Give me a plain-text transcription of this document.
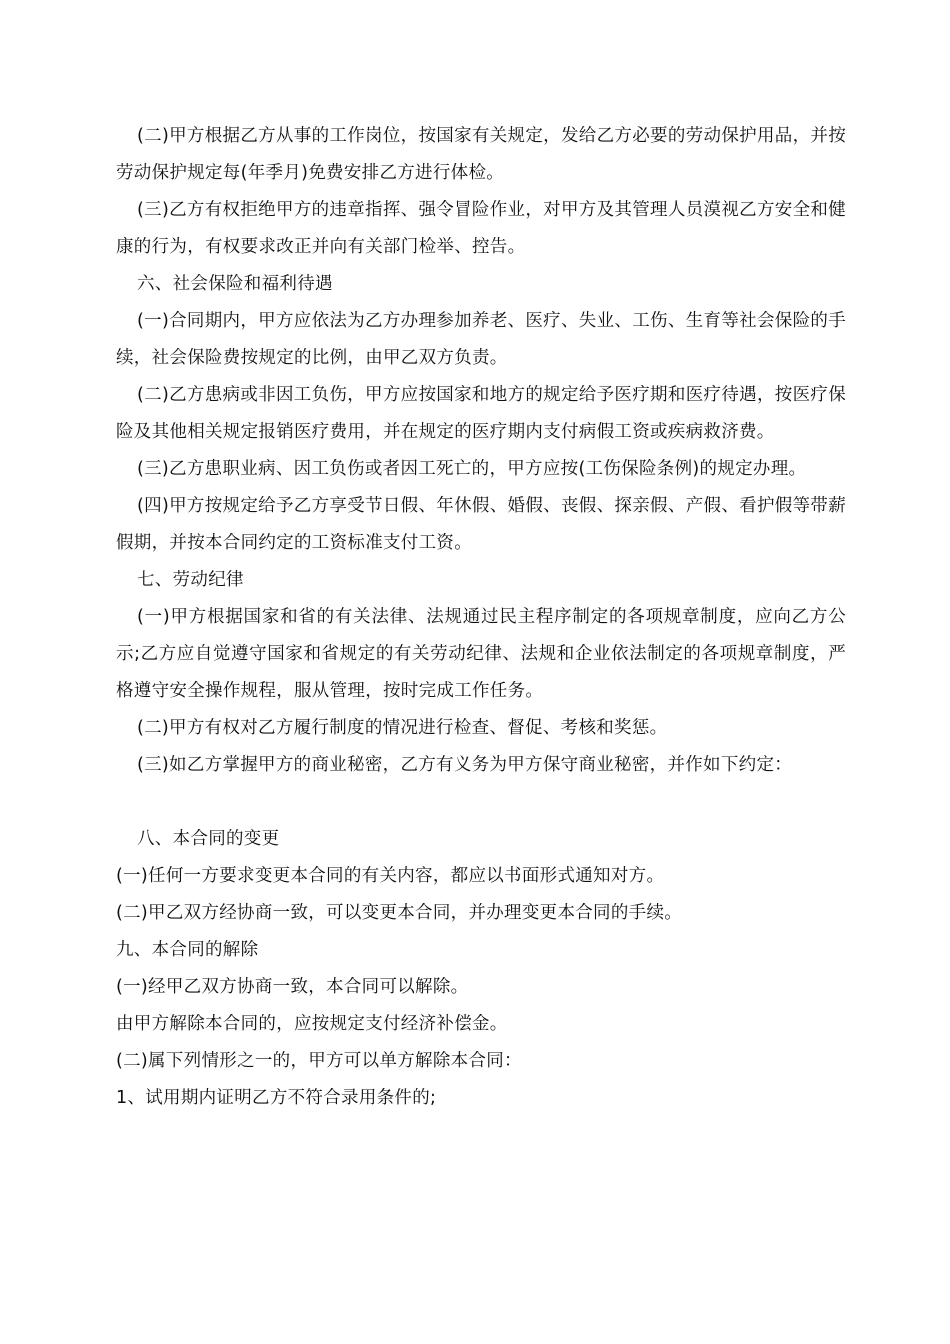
(二)甲方根据乙方从事的工作岗位，按国家有关规定，发给乙方必要的劳动保护用品，并按劳动保护规定每(年季月)免费安排乙方进行体检。

(三)乙方有权拒绝甲方的违章指挥、强令冒险作业，对甲方及其管理人员漠视乙方安全和健康的行为，有权要求改正并向有关部门检举、控告。

六、社会保险和福利待遇

(一)合同期内，甲方应依法为乙方办理参加养老、医疗、失业、工伤、生育等社会保险的手续，社会保险费按规定的比例，由甲乙双方负责。

(二)乙方患病或非因工负伤，甲方应按国家和地方的规定给予医疗期和医疗待遇，按医疗保险及其他相关规定报销医疗费用，并在规定的医疗期内支付病假工资或疾病救济费。

(三)乙方患职业病、因工负伤或者因工死亡的，甲方应按(工伤保险条例)的规定办理。

(四)甲方按规定给予乙方享受节日假、年休假、婚假、丧假、探亲假、产假、看护假等带薪假期，并按本合同约定的工资标准支付工资。

七、劳动纪律

(一)甲方根据国家和省的有关法律、法规通过民主程序制定的各项规章制度，应向乙方公示;乙方应自觉遵守国家和省规定的有关劳动纪律、法规和企业依法制定的各项规章制度，严格遵守安全操作规程，服从管理，按时完成工作任务。

(二)甲方有权对乙方履行制度的情况进行检查、督促、考核和奖惩。

(三)如乙方掌握甲方的商业秘密，乙方有义务为甲方保守商业秘密，并作如下约定：

八、本合同的变更

(一)任何一方要求变更本合同的有关内容，都应以书面形式通知对方。

(二)甲乙双方经协商一致，可以变更本合同，并办理变更本合同的手续。

九、本合同的解除

(一)经甲乙双方协商一致，本合同可以解除。

由甲方解除本合同的，应按规定支付经济补偿金。

(二)属下列情形之一的，甲方可以单方解除本合同：

1、试用期内证明乙方不符合录用条件的;
